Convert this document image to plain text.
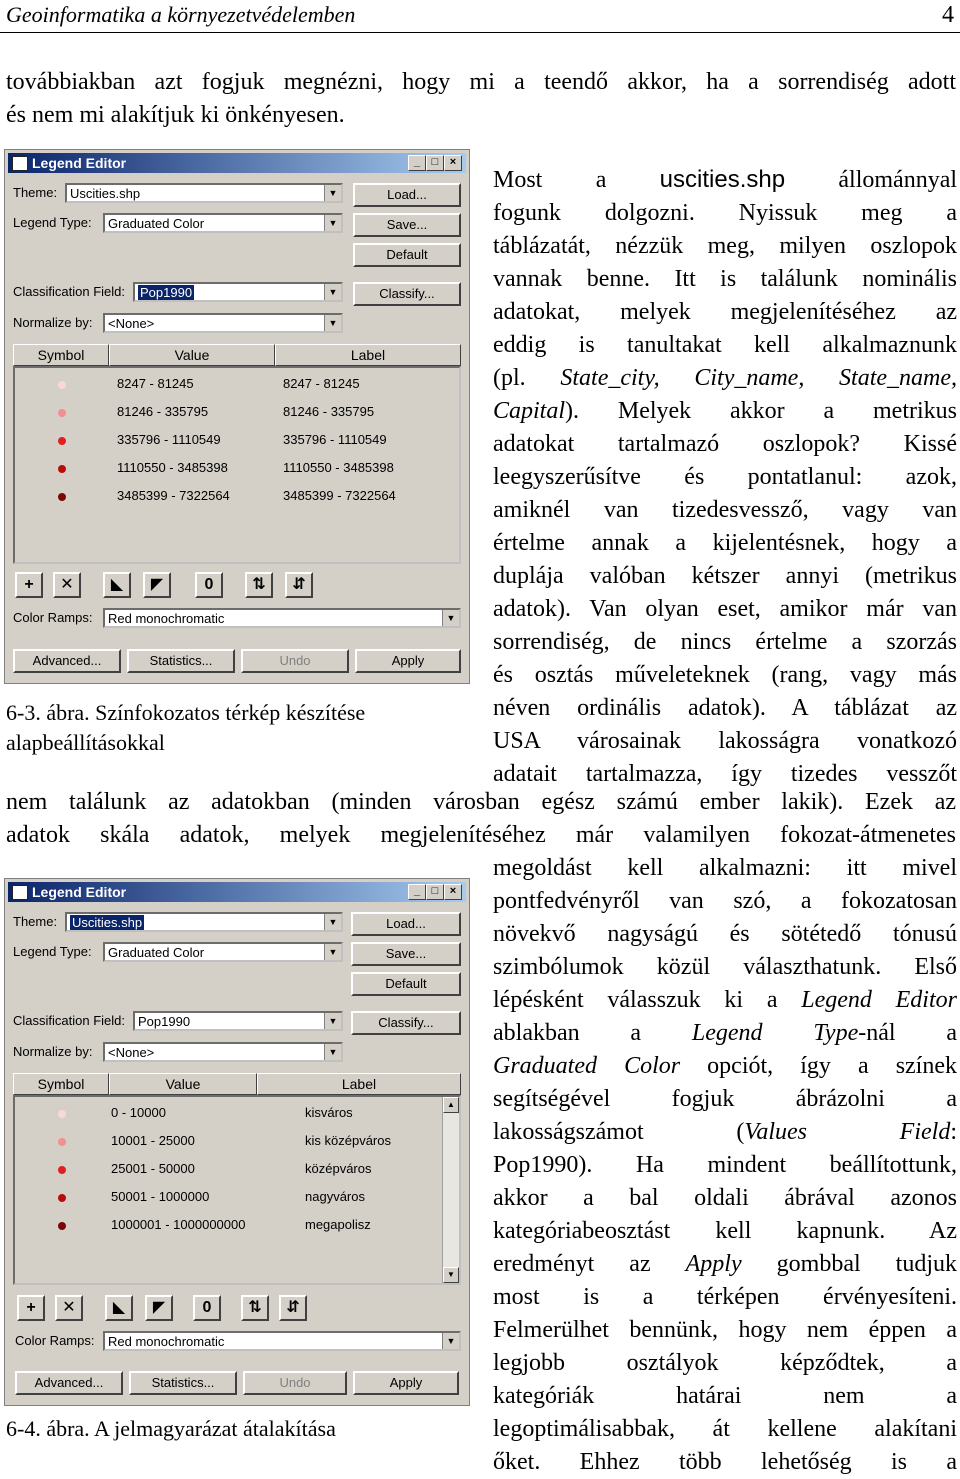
Geoinformatika a környezetvédelemben	4
továbbiakban azt fogjuk megnézni, hogy mi a teendő akkor, ha a sorrendiség adott
és nem mi alakítjuk ki önkényesen.
Legend Editor	_	□	×
Theme: Uscities.shp	▼	Load...
Legend Type: Graduated Color	▼	Save...
Default
Classification Field: Pop1990	▼	Classify...
Normalize by: <None>	▼
Symbol	Value	Label
8247 - 81245	8247 - 81245
81246 - 335795	81246 - 335795
335796 - 1110549	335796 - 1110549
1110550 - 3485398	1110550 - 3485398
3485399 - 7322564	3485399 - 7322564
+	✕	◣	◤	0	⇅	⇵
Color Ramps: Red monochromatic	▼
Advanced...	Statistics...	Undo	Apply
6-3. ábra. Színfokozatos térkép készítése
alapbeállításokkal
Most a uscities.shp állománnyal
fogunk dolgozni. Nyissuk meg a
táblázatát, nézzük meg, milyen oszlopok
vannak benne. Itt is találunk nominális
adatokat, melyek megjelenítéséhez az
eddig is tanultakat kell alkalmaznunk
(pl. State_city, City_name, State_name,
Capital). Melyek akkor a metrikus
adatokat tartalmazó oszlopok? Kissé
leegyszerűsítve és pontatlanul: azok,
amiknél van tizedesvessző, vagy van
értelme annak a kijelentésnek, hogy a
duplája valóban kétszer annyi (metrikus
adatok). Van olyan eset, amikor már van
sorrendiség, de nincs értelme a szorzás
és osztás műveleteknek (rang, vagy más
néven ordinális adatok). A táblázat az
USA városainak lakosságra vonatkozó
adatait tartalmazza, így tizedes vesszőt
nem találunk az adatokban (minden városban egész számú ember lakik). Ezek az
adatok skála adatok, melyek megjelenítéséhez már valamilyen fokozat-átmenetes
Legend Editor	_	□	×
Theme: Uscities.shp	▼	Load...
Legend Type: Graduated Color	▼	Save...
Default
Classification Field: Pop1990	▼	Classify...
Normalize by: <None>	▼
Symbol	Value	Label
0 - 10000	kisváros
10001 - 25000	kis középváros
25001 - 50000	középváros
50001 - 1000000	nagyváros
1000001 - 1000000000	megapolisz
▲
▼
+	✕	◣	◤	0	⇅	⇵
Color Ramps: Red monochromatic	▼
Advanced...	Statistics...	Undo	Apply
6-4. ábra. A jelmagyarázat átalakítása
megoldást kell alkalmazni: itt mivel
pontfedvényről van szó, a fokozatosan
növekvő nagyságú és sötétedő tónusú
szimbólumok közül választhatunk. Első
lépésként válasszuk ki a Legend Editor
ablakban a Legend Type-nál a
Graduated Color opciót, így a színek
segítségével fogjuk ábrázolni a
lakosságszámot (Values Field:
Pop1990). Ha mindent beállítottunk,
akkor a bal oldali ábrával azonos
kategóriabeosztást kell kapnunk. Az
eredményt az Apply gombbal tudjuk
most is a térképen érvényesíteni.
Felmerülhet bennünk, hogy nem éppen a
legjobb osztályok képződtek, a
kategóriák határai nem a
legoptimálisabbak, át kellene alakítani
őket. Ehhez több lehetőség is a
